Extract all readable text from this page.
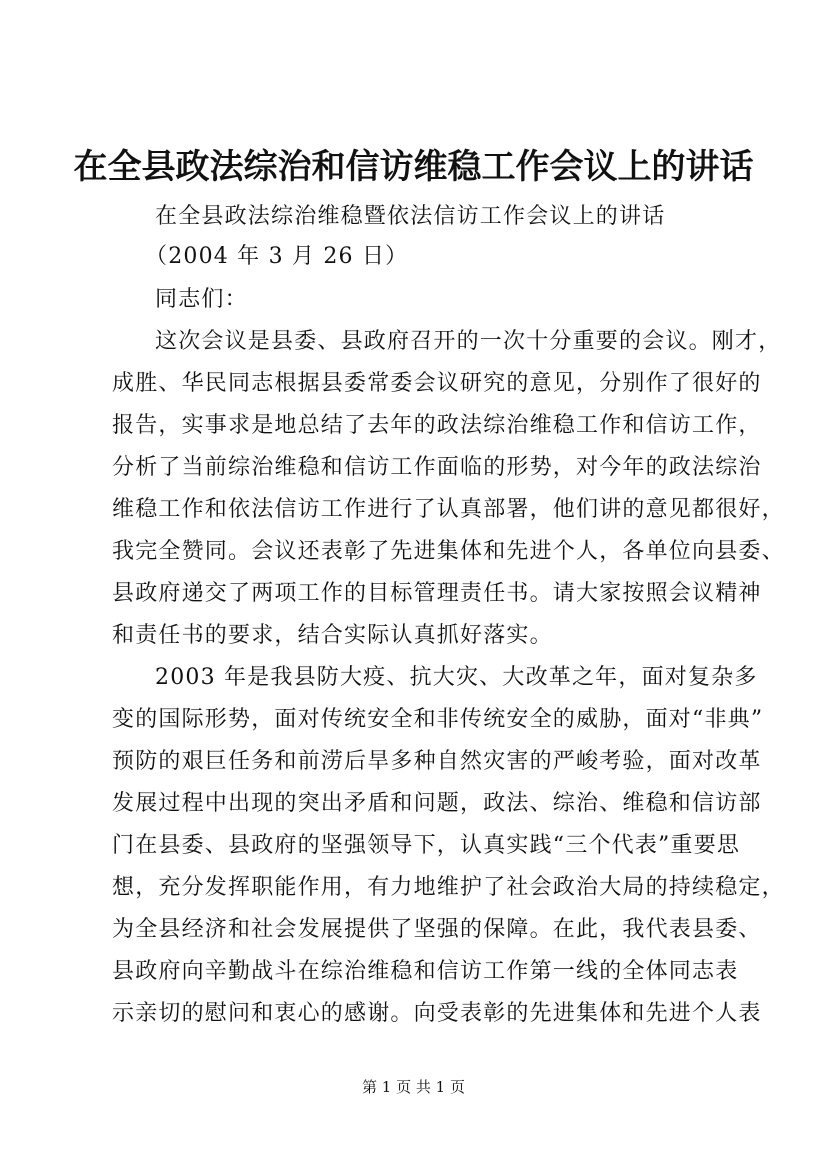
在全县政法综治和信访维稳工作会议上的讲话
在全县政法综治维稳暨依法信访工作会议上的讲话
（2004 年 3 月 26 日）
同志们：
这次会议是县委、县政府召开的一次十分重要的会议。刚才，
成胜、华民同志根据县委常委会议研究的意见，分别作了很好的
报告，实事求是地总结了去年的政法综治维稳工作和信访工作，
分析了当前综治维稳和信访工作面临的形势，对今年的政法综治
维稳工作和依法信访工作进行了认真部署，他们讲的意见都很好，
我完全赞同。会议还表彰了先进集体和先进个人，各单位向县委、
县政府递交了两项工作的目标管理责任书。请大家按照会议精神
和责任书的要求，结合实际认真抓好落实。
2003 年是我县防大疫、抗大灾、大改革之年，面对复杂多
变的国际形势，面对传统安全和非传统安全的威胁，面对“非典”
预防的艰巨任务和前涝后旱多种自然灾害的严峻考验，面对改革
发展过程中出现的突出矛盾和问题，政法、综治、维稳和信访部
门在县委、县政府的坚强领导下，认真实践“三个代表”重要思
想，充分发挥职能作用，有力地维护了社会政治大局的持续稳定，
为全县经济和社会发展提供了坚强的保障。在此，我代表县委、
县政府向辛勤战斗在综治维稳和信访工作第一线的全体同志表
示亲切的慰问和衷心的感谢。向受表彰的先进集体和先进个人表
第 1 页 共 1 页
